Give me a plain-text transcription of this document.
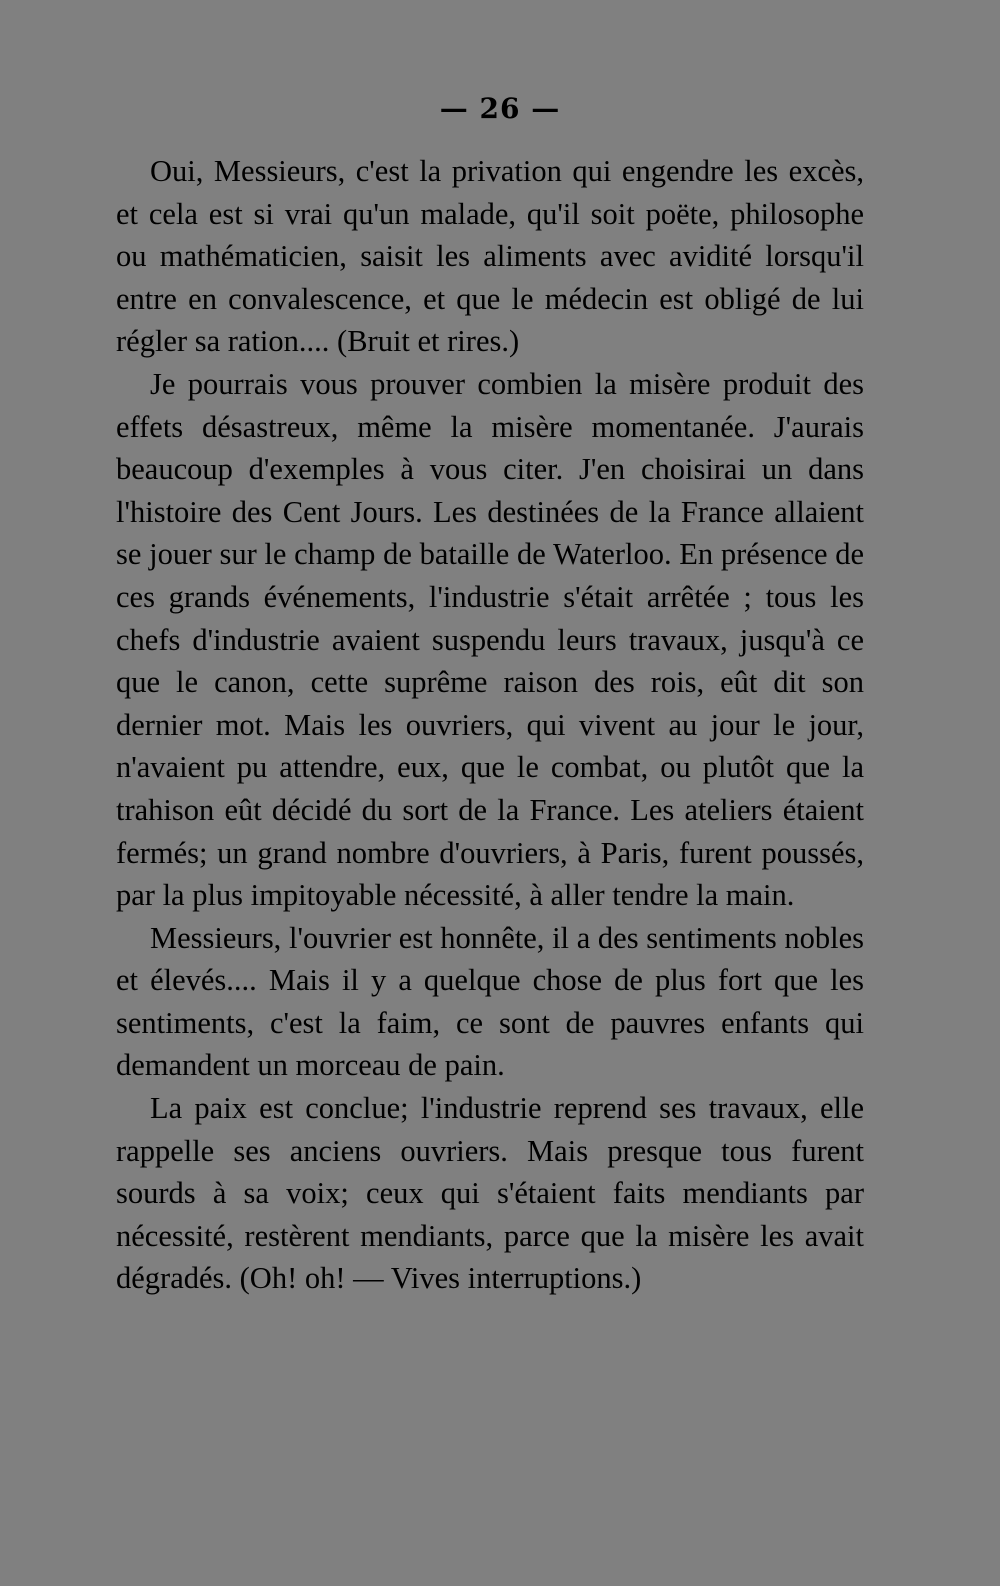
— 26 —

Oui, Messieurs, c'est la privation qui engendre les excès, et cela est si vrai qu'un malade, qu'il soit poëte, philosophe ou mathématicien, saisit les aliments avec avidité lorsqu'il entre en convalescence, et que le médecin est obligé de lui régler sa ration.... (Bruit et rires.)

Je pourrais vous prouver combien la misère produit des effets désastreux, même la misère momentanée. J'aurais beaucoup d'exemples à vous citer. J'en choisirai un dans l'histoire des Cent Jours. Les destinées de la France allaient se jouer sur le champ de bataille de Waterloo. En présence de ces grands événements, l'industrie s'était arrêtée ; tous les chefs d'industrie avaient suspendu leurs travaux, jusqu'à ce que le canon, cette suprême raison des rois, eût dit son dernier mot. Mais les ouvriers, qui vivent au jour le jour, n'avaient pu attendre, eux, que le combat, ou plutôt que la trahison eût décidé du sort de la France. Les ateliers étaient fermés; un grand nombre d'ouvriers, à Paris, furent poussés, par la plus impitoyable nécessité, à aller tendre la main.

Messieurs, l'ouvrier est honnête, il a des sentiments nobles et élevés.... Mais il y a quelque chose de plus fort que les sentiments, c'est la faim, ce sont de pauvres enfants qui demandent un morceau de pain.

La paix est conclue; l'industrie reprend ses travaux, elle rappelle ses anciens ouvriers. Mais presque tous furent sourds à sa voix; ceux qui s'étaient faits mendiants par nécessité, restèrent mendiants, parce que la misère les avait dégradés. (Oh! oh! — Vives interruptions.)
